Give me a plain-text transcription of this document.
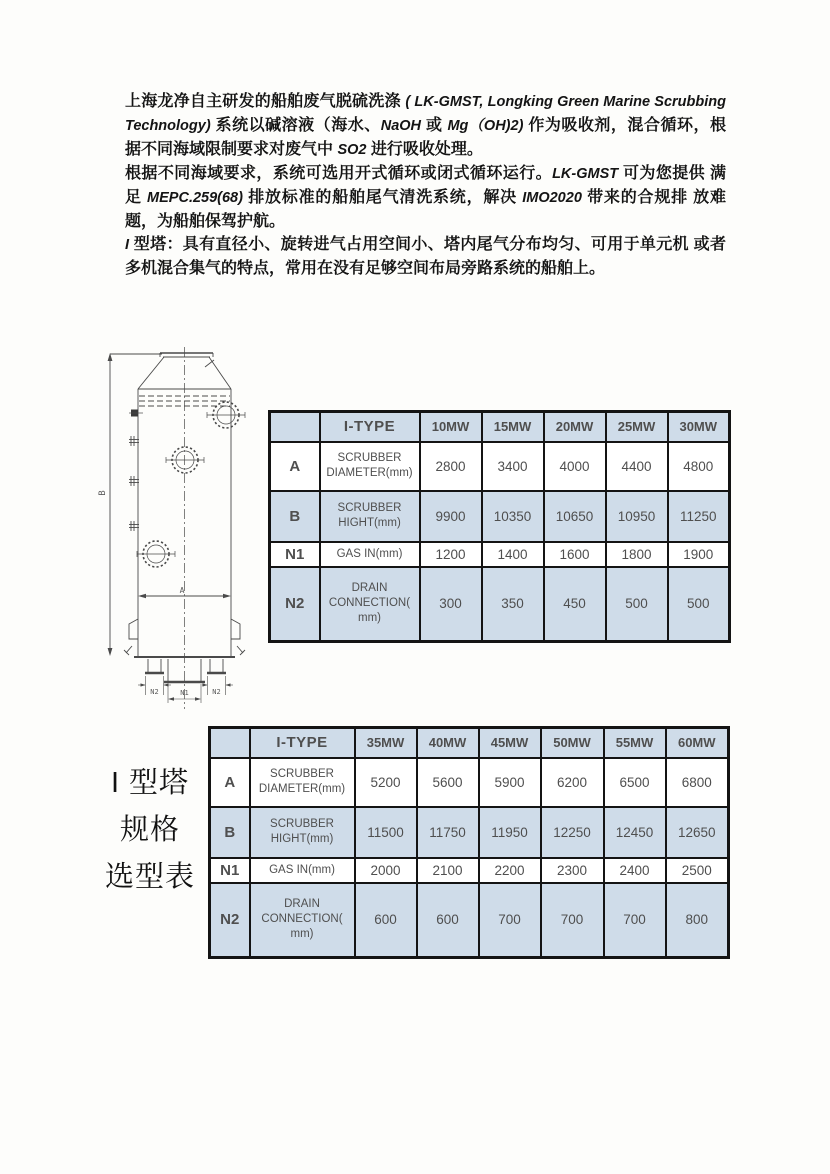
上海龙净自主研发的船舶废气脱硫洗涤 ( LK-GMST, Longking Green Marine Scrubbing Technology) 系统以碱溶液（海水、NaOH 或 Mg（OH)2) 作为吸收剂，混合循环，根据不同海域限制要求对废气中 SO2 进行吸收处理。

根据不同海域要求，系统可选用开式循环或闭式循环运行。LK-GMST 可为您提供 满足 MEPC.259(68) 排放标准的船舶尾气清洗系统，解决 IMO2020 带来的合规排 放难题，为船舶保驾护航。

I 型塔：具有直径小、旋转进气占用空间小、塔内尾气分布均匀、可用于单元机 或者多机混合集气的特点，常用在没有足够空间布局旁路系统的船舶上。

B
A
N2	N2
N1
	I-TYPE	10MW	15MW	20MW	25MW	30MW
A	SCRUBBER
DIAMETER(mm)	2800	3400	4000	4400	4800
B	SCRUBBER
HIGHT(mm)	9900	10350	10650	10950	11250
N1	GAS IN(mm)	1200	1400	1600	1800	1900
N2	DRAIN
CONNECTION(
mm)	300	350	450	500	500
I 型塔
规格
选型表
	I-TYPE	35MW	40MW	45MW	50MW	55MW	60MW
A	SCRUBBER
DIAMETER(mm)	5200	5600	5900	6200	6500	6800
B	SCRUBBER
HIGHT(mm)	11500	11750	11950	12250	12450	12650
N1	GAS IN(mm)	2000	2100	2200	2300	2400	2500
N2	DRAIN
CONNECTION(
mm)	600	600	700	700	700	800
